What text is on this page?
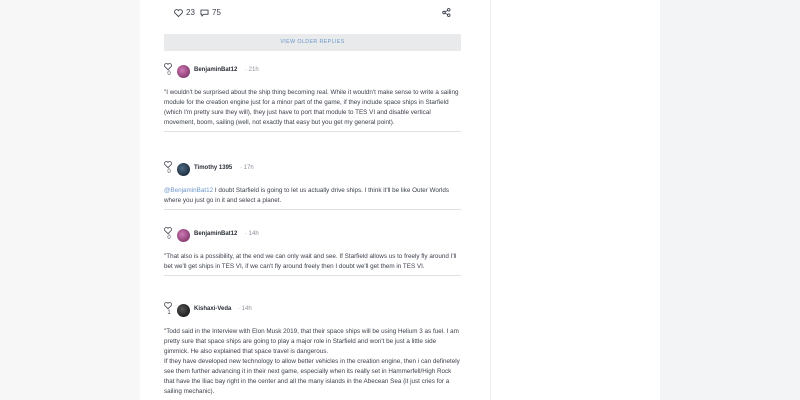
23 75
VIEW OLDER REPLIES
0
BenjaminBat12 · 21h

"I wouldn't be surprised about the ship thing becoming real. While it wouldn't make sense to write a sailing module for the creation engine just for a minor part of the game, if they include space ships in Starfield (which I'm pretty sure they will), they just have to port that module to TES VI and disable vertical movement, boom, sailing (well, not exactly that easy but you get my general point).

0
Timothy 1395 · 17h

@BenjaminBat12 I doubt Starfield is going to let us actually drive ships. I think it'll be like Outer Worlds where you just go in it and select a planet.

0
BenjaminBat12 · 14h

"That also is a possibility, at the end we can only wait and see. If Starfield allows us to freely fly around I'll bet we'll get ships in TES VI, if we can't fly around freely then I doubt we'll get them in TES VI.

1
Kishaxi-Veda · 14h

"Todd said in the Interview with Elon Musk 2019, that their space ships will be using Helium 3 as fuel. I am pretty sure that space ships are going to play a major role in Starfield and won't be just a little side gimmick. He also explained that space travel is dangerous.

If they have developed new technology to allow better vehicles in the creation engine, then i can definetely see them further advancing it in their next game, especially when its really set in Hammerfell/High Rock that have the Iliac bay right in the center and all the many islands in the Abecean Sea (it just cries for a sailing mechanic).
